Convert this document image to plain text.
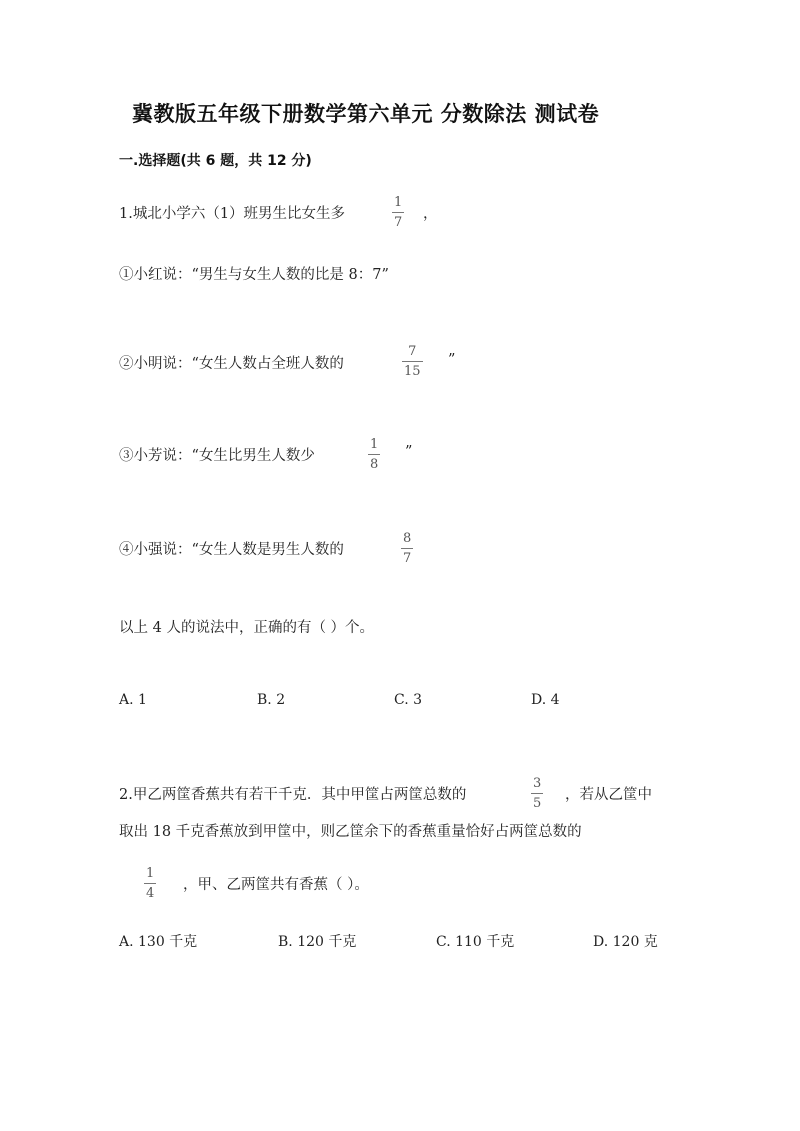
冀教版五年级下册数学第六单元 分数除法 测试卷
一.选择题(共 6 题，共 12 分)
1.城北小学六（1）班男生比女生多
1
7
，
①小红说：“男生与女生人数的比是 8：7”
②小明说：“女生人数占全班人数的
7
15
”
③小芳说：“女生比男生人数少
1
8
”
④小强说：“女生人数是男生人数的
8
7
以上 4 人的说法中，正确的有（ ）个。
A. 1	B. 2	C. 3	D. 4
2.甲乙两筐香蕉共有若干千克．其中甲筐占两筐总数的
3
5
，若从乙筐中
取出 18 千克香蕉放到甲筐中，则乙筐余下的香蕉重量恰好占两筐总数的
1
4
，甲、乙两筐共有香蕉（ ）。
A. 130 千克	B. 120 千克	C. 110 千克	D. 120 克
